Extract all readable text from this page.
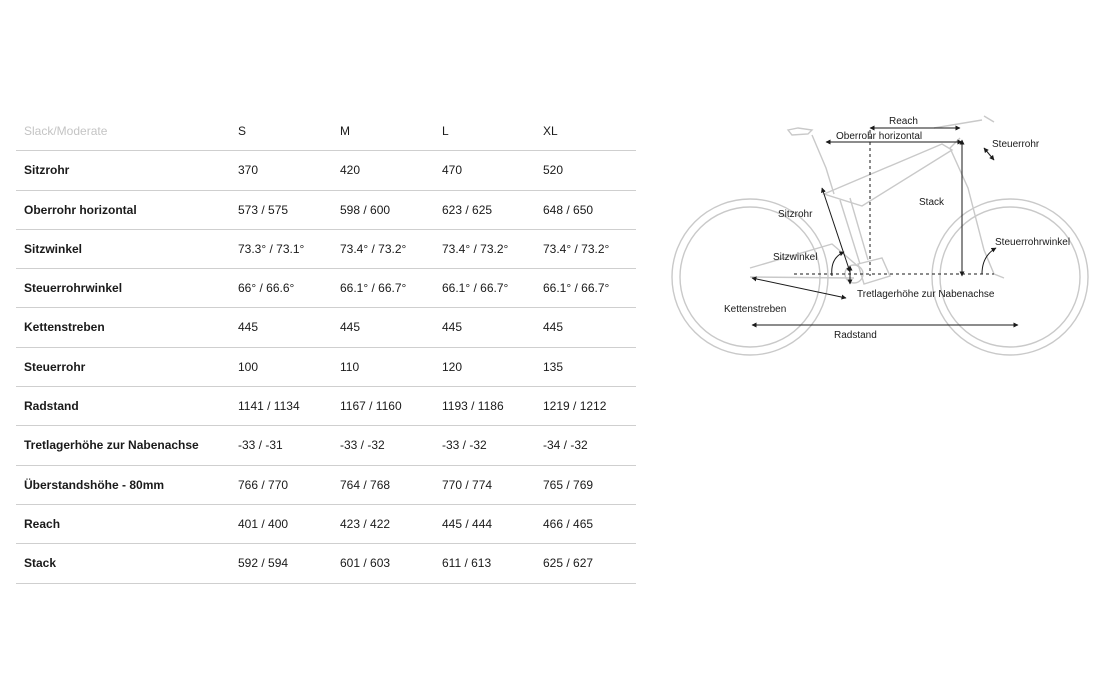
Slack/Moderate	S	M	L	XL
Sitzrohr	370	420	470	520
Oberrohr horizontal	573 / 575	598 / 600	623 / 625	648 / 650
Sitzwinkel	73.3° / 73.1°	73.4° / 73.2°	73.4° / 73.2°	73.4° / 73.2°
Steuerrohrwinkel	66° / 66.6°	66.1° / 66.7°	66.1° / 66.7°	66.1° / 66.7°
Kettenstreben	445	445	445	445
Steuerrohr	100	110	120	135
Radstand	1141 / 1134	1167 / 1160	1193 / 1186	1219 / 1212
Tretlagerhöhe zur Nabenachse	-33 / -31	-33 / -32	-33 / -32	-34 / -32
Überstandshöhe - 80mm	766 / 770	764 / 768	770 / 774	765 / 769
Reach	401 / 400	423 / 422	445 / 444	466 / 465
Stack	592 / 594	601 / 603	611 / 613	625 / 627
Reach
Oberrohr horizontal
Steuerrohr
Stack
Sitzrohr
Steuerrohrwinkel
Sitzwinkel
Tretlagerhöhe zur Nabenachse
Kettenstreben
Radstand
